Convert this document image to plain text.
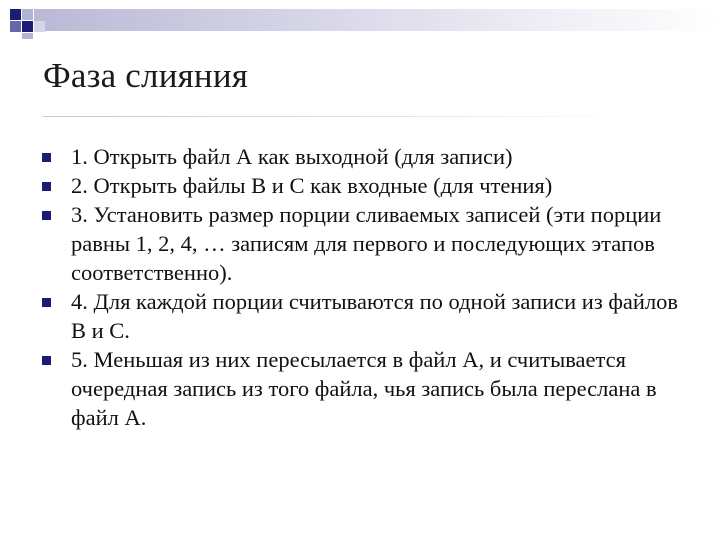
Фаза слияния
1. Открыть файл А как выходной (для записи)
2. Открыть файлы В и С как входные (для чтения)
3. Установить размер порции сливаемых записей (эти порции равны 1, 2, 4, … записям для первого и последующих этапов соответственно).
4. Для каждой порции считываются по одной записи из файлов В и С.
5. Меньшая из них пересылается в файл А, и считывается очередная запись из того файла, чья запись была переслана в файл А.
